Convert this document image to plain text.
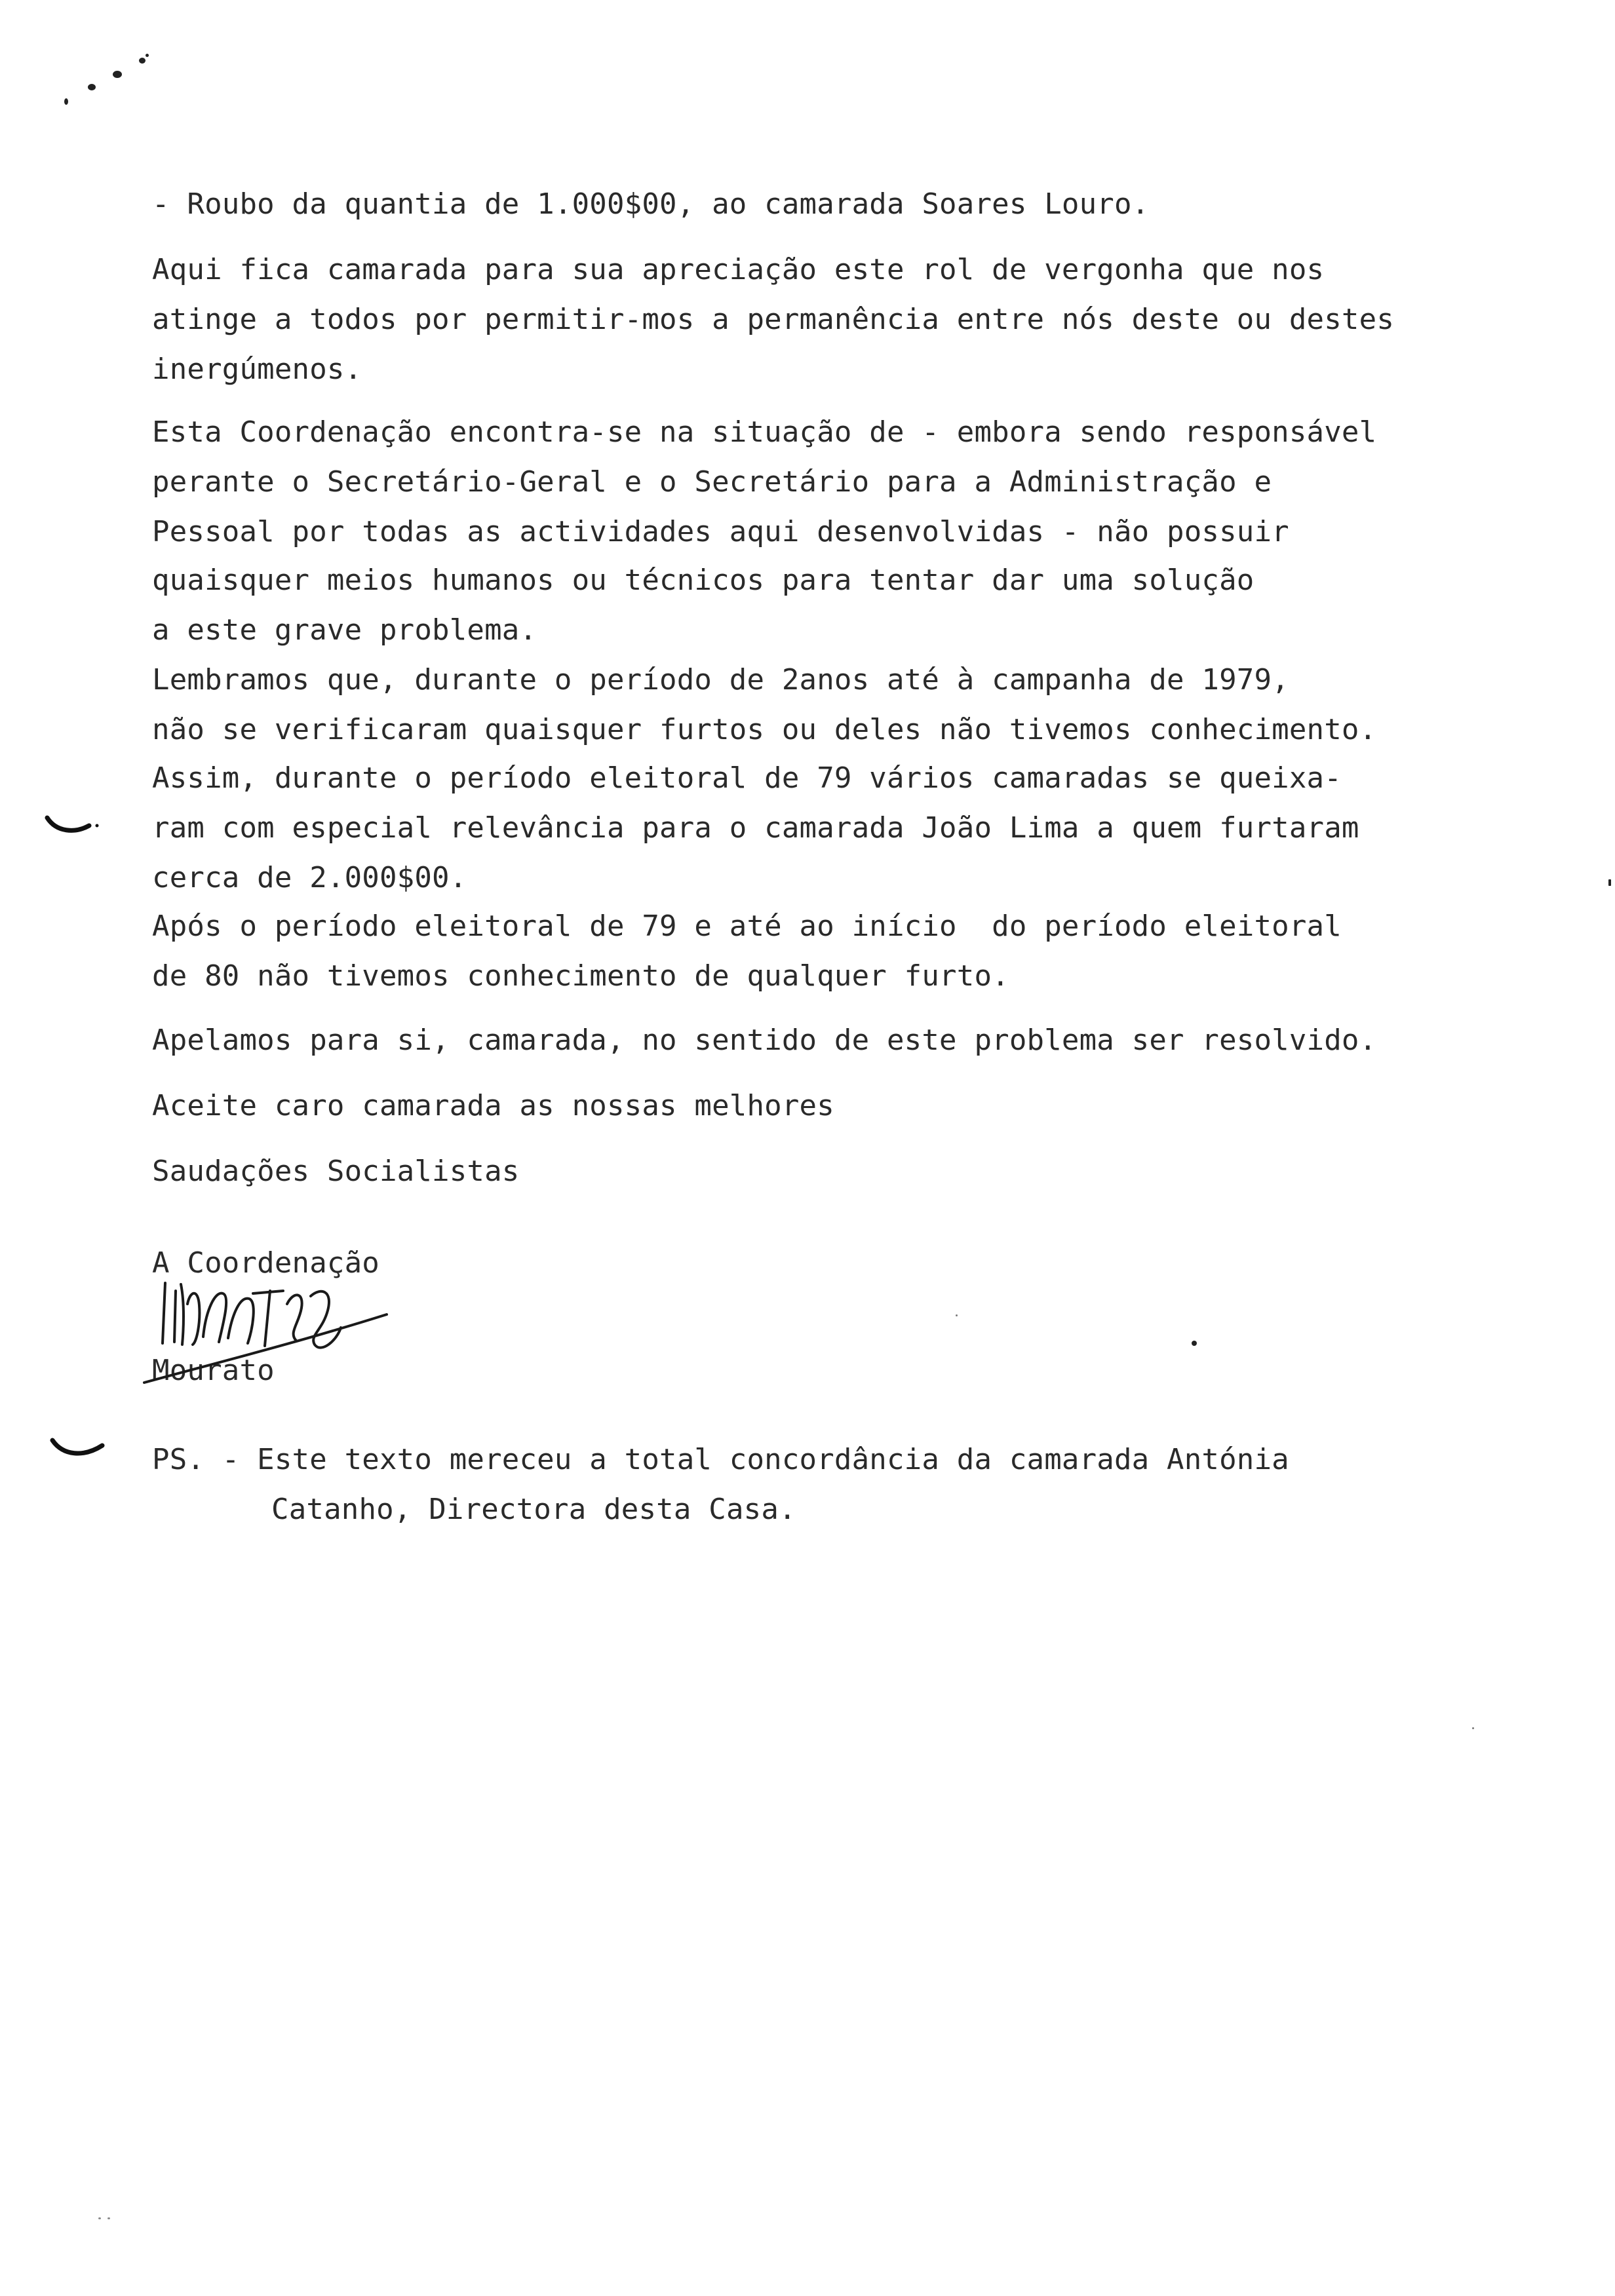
- Roubo da quantia de 1.000$00, ao camarada Soares Louro.
Aqui fica camarada para sua apreciação este rol de vergonha que nos
atinge a todos por permitir-mos a permanência entre nós deste ou destes
inergúmenos.
Esta Coordenação encontra-se na situação de - embora sendo responsável
perante o Secretário-Geral e o Secretário para a Administração e
Pessoal por todas as actividades aqui desenvolvidas - não possuir
quaisquer meios humanos ou técnicos para tentar dar uma solução
a este grave problema.
Lembramos que, durante o período de 2anos até à campanha de 1979,
não se verificaram quaisquer furtos ou deles não tivemos conhecimento.
Assim, durante o período eleitoral de 79 vários camaradas se queixa-
ram com especial relevância para o camarada João Lima a quem furtaram
cerca de 2.000$00.
Após o período eleitoral de 79 e até ao início  do período eleitoral
de 80 não tivemos conhecimento de qualquer furto.
Apelamos para si, camarada, no sentido de este problema ser resolvido.
Aceite caro camarada as nossas melhores
Saudações Socialistas
A Coordenação
Mourato
PS. - Este texto mereceu a total concordância da camarada Antónia
Catanho, Directora desta Casa.
